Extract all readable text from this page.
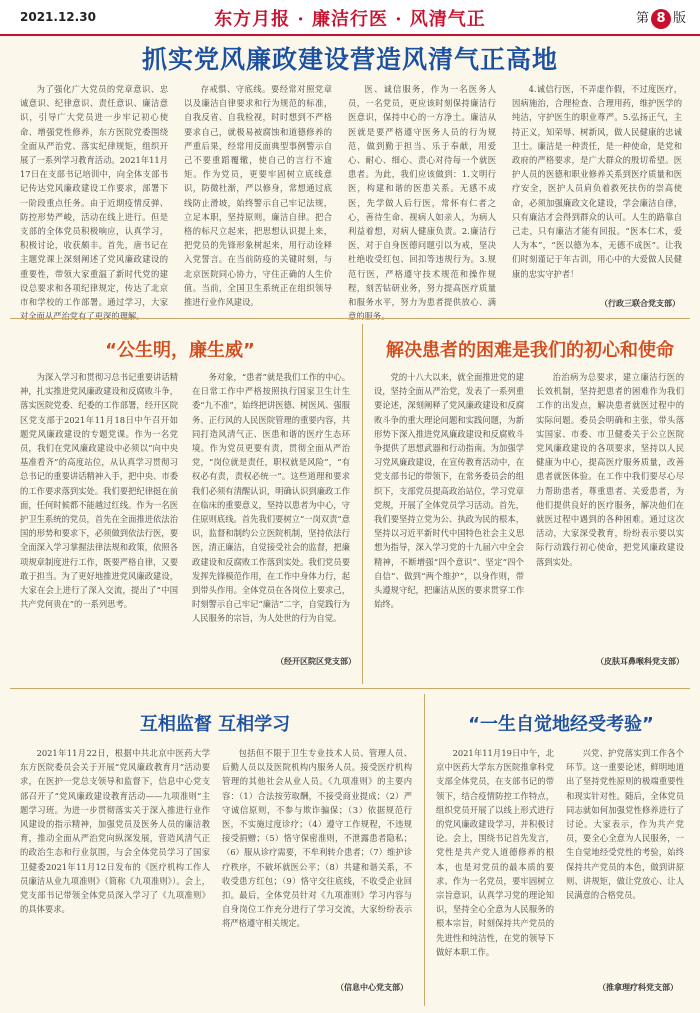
2021.12.30	东方月报 · 廉洁行医 · 风清气正	第 8 版
抓实党风廉政建设营造风清气正高地

为了强化广大党员的党章意识、忠诚意识、纪律意识、责任意识、廉洁意识，引导广大党员进一步牢记初心使命、增强党性修养，东方医院党委围绕全面从严治党、落实纪律规矩，组织开展了一系列学习教育活动。2021年11月17日在支部书记培训中，向全体支部书记传达党风廉政建设工作要求，部署下一阶段重点任务。由于近期疫情反弹、防控形势严峻，活动在线上进行。但是支部的全体党员积极响应，认真学习，积极讨论，收获颇丰。首先，唐书记在主题党课上深刻阐述了党风廉政建设的重要性，带领大家重温了新时代党的建设总要求和各项纪律规定，传达了北京市和学校的工作部署。通过学习，大家对全面从严治党有了更深的理解。

存戒惧、守底线。要经常对照党章以及廉洁自律要求和行为规范的标准，自我反省、自我检视，时时想到不严格要求自己，就极易被腐蚀和道德修养的严重后果，经常用反面典型事例警示自己不要重蹈覆辙，使自己的言行不逾矩。作为党员，更要牢固树立底线意识，防微杜渐，严以修身，常想通过底线防止滑坡，始终警示自己牢记法规，立足本职，坚持原则，廉洁自律。把合格的标尺立起来，把思想认识提上来，把党员的先锋形象树起来，用行动诠释入党誓言。在当前防疫的关键时刻，与北京医院同心协力，守住正确的人生价值。当前，全国卫生系统正在组织领导推进行业作风建设。

医、诚信服务，作为一名医务人员，一名党员，更应该时刻保持廉洁行医意识，保持中心的一方净土。廉洁从医就是要严格遵守医务人员的行为规范，做到勤于担当、乐于奉献，用爱心、耐心、细心、责心对待每一个就医患者。为此，我们应该做到：1.文明行医，构建和谐的医患关系。无感不成医，先学做人后行医，常怀有仁者之心，善待生命、视病人如亲人，为病人利益着想，对病人健康负责。2.廉洁行医，对于自身医德问题引以为戒，坚决杜绝收受红包、回扣等违规行为。3.规范行医，严格遵守技术规范和操作规程，刻苦钻研业务，努力提高医疗质量和服务水平，努力为患者提供放心、满意的服务。

4.诚信行医，不弄虚作假，不过度医疗，因病施治，合理检查、合理用药，维护医学的纯洁，守护医生的职业尊严。5.弘扬正气，主持正义，知荣辱、树新风，做人民健康的忠诚卫士。廉洁是一种责任，是一种使命，是党和政府的严格要求，是广大群众的殷切希望。医护人员的医德和职业修养关系到医疗质量和医疗安全，医护人员肩负着救死扶伤的崇高使命，必须加强廉政文化建设，学会廉洁自律，只有廉洁才会得到群众的认可。人生的路靠自己走，只有廉洁才能有回报。“医本仁术，爱人为本”，“医以德为本，无德不成医”。让我们时刻谨记于年古训，用心中的大爱做人民健康的忠实守护者！

（行政三联合党支部）
“公生明，廉生威”

为深入学习和贯彻习总书记重要讲话精神，扎实推进党风廉政建设和反腐败斗争，落实医院党委、纪委的工作部署，经开区院区党支部于2021年11月18日中午召开如题党风廉政建设的专题党课。作为一名党员，我们在党风廉政建设中必须以“向中央基准看齐”的高度站位，从认真学习贯彻习总书记的重要讲话精神入手，把中央、市委的工作要求落到实处。我们要把纪律挺在前面，任何时候都不能越过红线。作为一名医护卫生系统的党员，首先在全面推进依法治国的形势和要求下，必须做到依法行医，要全面深入学习掌握法律法规和政策，依照各项规章制度进行工作，既要严格自律，又要敢于担当。为了更好地推进党风廉政建设，大家在会上进行了深入交流，提出了“中国共产党何贵在”的一系列思考。

务对象，“患者”就是我们工作的中心。在日常工作中严格按照执行国家卫生计生委“九不准”，始终把讲医德、树医风、强服务、正行风的人民医院管理的重要内容，共同打造风清气正、医患和谐的医疗生态环境。作为党员更要有责，贯彻全面从严治党，“岗位就是责任，职权就是风险”，“有权必有责，责权必统一”。这些道理和要求我们必须有清醒认识，明确认识到廉政工作在临床的重要意义，坚持以患者为中心，守住原则底线。首先我们要树立“一岗双责”意识，监督和制约公立医院机制，坚持依法行医，清正廉洁，自觉接受社会的监督，把廉政建设和反腐败工作落到实处。我们党员要发挥先锋模范作用，在工作中身体力行，起到带头作用。全体党员在各岗位上要求己，时刻警示自己牢记“廉洁”二字，自觉践行为人民服务的宗旨，为人处世的行为自觉。

（经开区院区党支部）
解决患者的困难是我们的初心和使命

党的十八大以来，就全面推进党的建设，坚持全面从严治党，发表了一系列重要论述，深刻阐释了党风廉政建设和反腐败斗争的重大理论问题和实践问题，为新形势下深入推进党风廉政建设和反腐败斗争提供了思想武器和行动指南。为加强学习党风廉政建设，在宣传教育活动中，在党支部书记的带领下，在常务委员会的组织下，支部党员提高政治站位，学习党章党规，开展了全体党员学习活动。首先，我们要坚持立党为公、执政为民的根本，坚持以习近平新时代中国特色社会主义思想为指导，深入学习党的十九届六中全会精神，不断增强“四个意识”、坚定“四个自信”、做到“两个维护”，以身作则，带头遵规守纪，把廉洁从医的要求贯穿工作始终。

治治病为总要求，建立廉洁行医的长效机制，坚持把患者的困难作为我们工作的出发点，解决患者就医过程中的实际问题。委员会明确和主张，带头落实国家、市委、市卫健委关于公立医院党风廉政建设的各项要求，坚持以人民健康为中心，提高医疗服务质量，改善患者就医体验。在工作中我们要尽心尽力帮助患者，尊重患者、关爱患者，为他们提供良好的医疗服务，解决他们在就医过程中遇到的各种困难。通过这次活动，大家深受教育，纷纷表示要以实际行动践行初心使命，把党风廉政建设落到实处。

（皮肤耳鼻喉科党支部）
互相监督 互相学习

2021年11月22日，根据中共北京中医药大学东方医院委员会关于开展“党风廉政教育月”活动要求，在医护一党总支领导和监督下，信息中心党支部召开了“党风廉政建设教育活动——九项准则”主题学习班。为进一步贯彻落实关于深入推进行业作风建设的指示精神，加强党员及医务人员的廉洁教育，推动全面从严治党向纵深发展，营造风清气正的政治生态和行业氛围，与会全体党员学习了国家卫健委2021年11月12日发布的《医疗机构工作人员廉洁从业九项准则》（简称《九项准则》）。会上，党支部书记带领全体党员深入学习了《九项准则》的具体要求。

包括但不限于卫生专业技术人员、管理人员、后勤人员以及医院机构内服务人员。接受医疗机构管理的其他社会从业人员。《九项准则》的主要内容：（1）合法按劳取酬，不接受商业提成；（2）严守诚信原则，不参与欺诈骗保；（3）依据规范行医，不实施过度诊疗；（4）遵守工作规程，不违规接受捐赠；（5）恪守保密准则，不泄露患者隐私；（6）服从诊疗需要，不牟利转介患者；（7）维护诊疗秩序，不破坏就医公平；（8）共建和谐关系，不收受患方红包；（9）恪守交往底线，不收受企业回扣。最后，全体党员针对《九项准则》学习内容与自身岗位工作充分进行了学习交流，大家纷纷表示将严格遵守相关规定。

（信息中心党支部）
“一生自觉地经受考验”

2021年11月19日中午，北京中医药大学东方医院推拿科党支部全体党员，在支部书记的带领下，结合疫情防控工作特点，组织党员开展了以线上形式进行的党风廉政建设学习，并积极讨论。会上，围绕书记首先发言，党性是共产党人道德修养的根本，也是对党员的最本质的要求。作为一名党员，要牢固树立宗旨意识，认真学习党的理论知识，坚持全心全意为人民服务的根本宗旨，时刻保持共产党员的先进性和纯洁性，在党的领导下做好本职工作。

兴党、护党落实到工作各个环节。这一重要论述，鲜明地道出了坚持党性原则的极端重要性和现实针对性。随后，全体党员同志就如何加强党性修养进行了讨论。大家表示，作为共产党员，要全心全意为人民服务，一生自觉地经受党性的考验，始终保持共产党员的本色，做到讲原则、讲规矩，做让党放心、让人民满意的合格党员。

（推拿理疗科党支部）
